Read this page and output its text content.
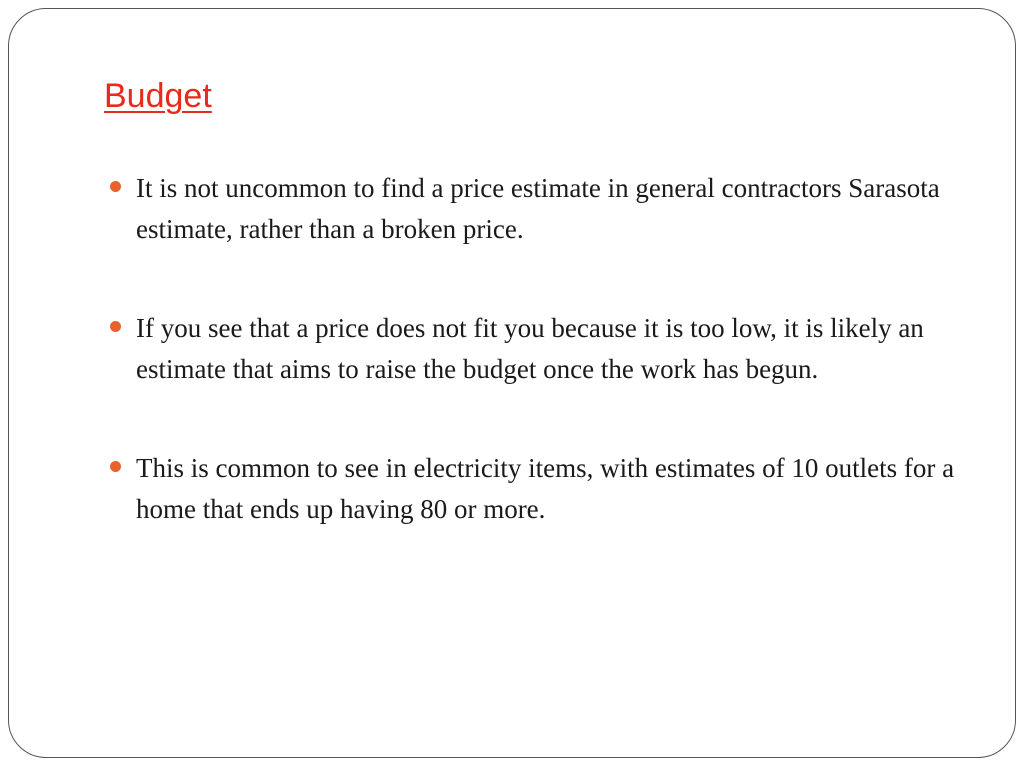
Budget
It is not uncommon to find a price estimate in general contractors Sarasota estimate, rather than a broken price.
If you see that a price does not fit you because it is too low, it is likely an estimate that aims to raise the budget once the work has begun.
This is common to see in electricity items, with estimates of 10 outlets for a home that ends up having 80 or more.
